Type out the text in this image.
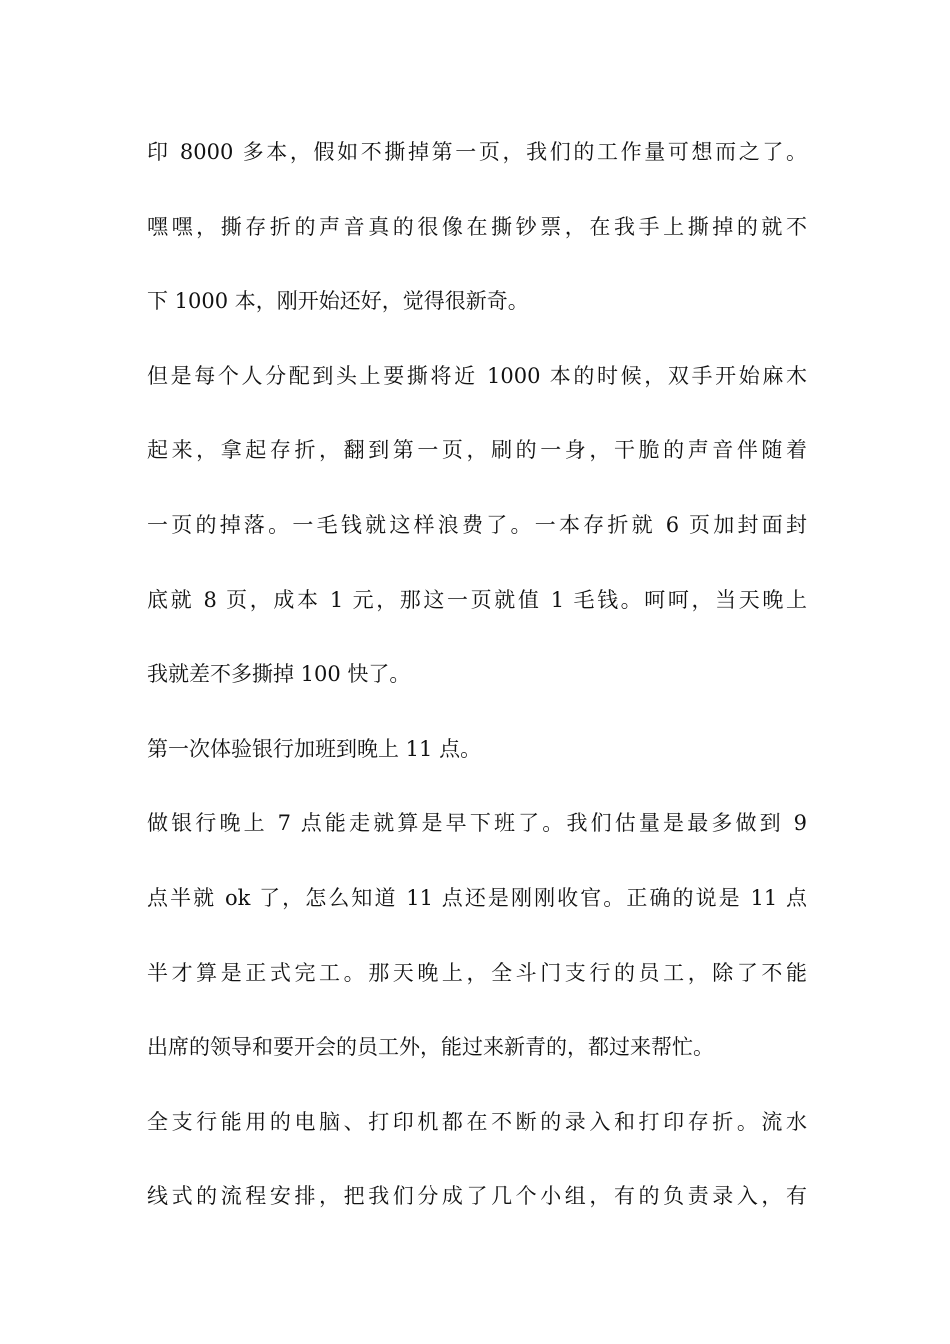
印 8000 多本，假如不撕掉第一页，我们的工作量可想而之了。

嘿嘿，撕存折的声音真的很像在撕钞票，在我手上撕掉的就不

下 1000 本，刚开始还好，觉得很新奇。

但是每个人分配到头上要撕将近 1000 本的时候，双手开始麻木

起来，拿起存折，翻到第一页，刷的一身，干脆的声音伴随着

一页的掉落。一毛钱就这样浪费了。一本存折就 6 页加封面封

底就 8 页，成本 1 元，那这一页就值 1 毛钱。呵呵，当天晚上

我就差不多撕掉 100 快了。

第一次体验银行加班到晚上 11 点。

做银行晚上 7 点能走就算是早下班了。我们估量是最多做到 9

点半就 ok 了，怎么知道 11 点还是刚刚收官。正确的说是 11 点

半才算是正式完工。那天晚上，全斗门支行的员工，除了不能

出席的领导和要开会的员工外，能过来新青的，都过来帮忙。

全支行能用的电脑、打印机都在不断的录入和打印存折。流水

线式的流程安排，把我们分成了几个小组，有的负责录入，有
